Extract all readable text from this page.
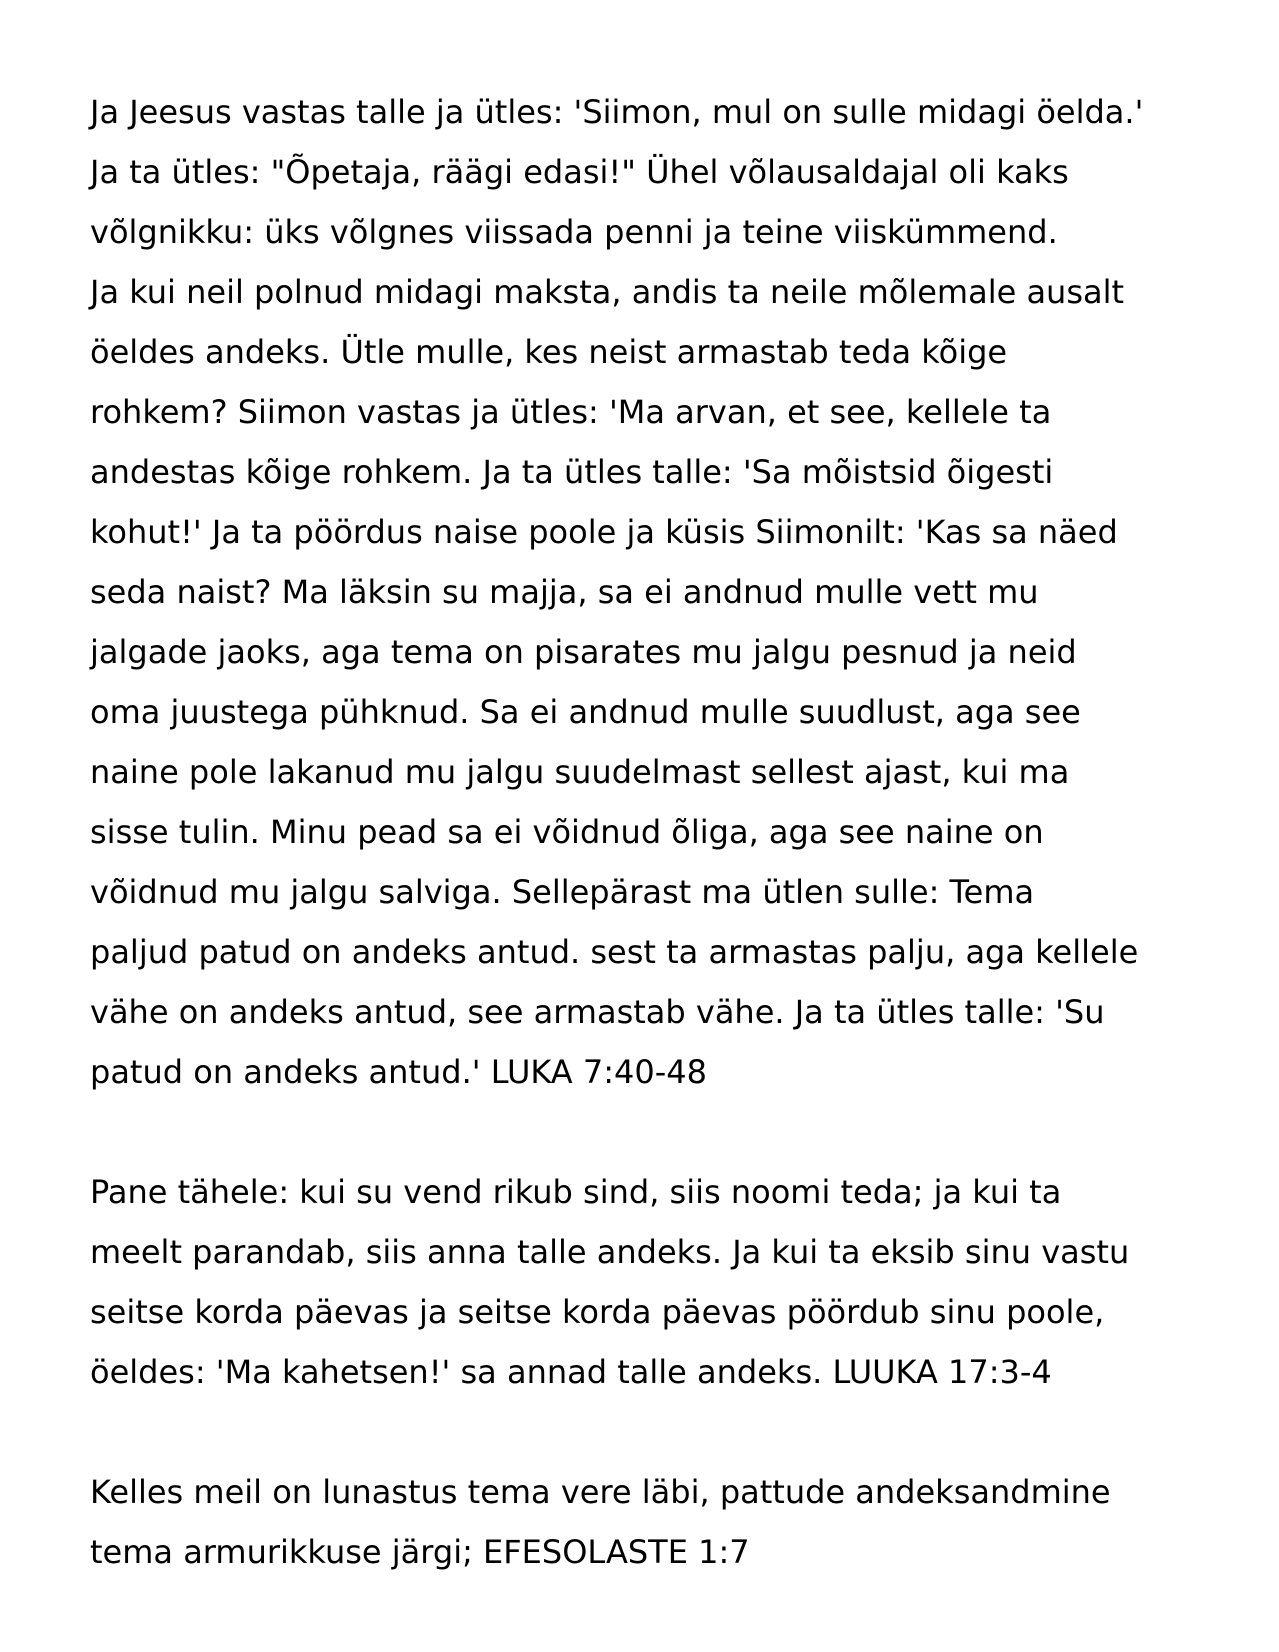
Ja Jeesus vastas talle ja ütles: 'Siimon, mul on sulle midagi öelda.'
Ja ta ütles: "Õpetaja, räägi edasi!" Ühel võlausaldajal oli kaks
võlgnikku: üks võlgnes viissada penni ja teine viiskümmend.
Ja kui neil polnud midagi maksta, andis ta neile mõlemale ausalt
öeldes andeks. Ütle mulle, kes neist armastab teda kõige
rohkem? Siimon vastas ja ütles: 'Ma arvan, et see, kellele ta
andestas kõige rohkem. Ja ta ütles talle: 'Sa mõistsid õigesti
kohut!' Ja ta pöördus naise poole ja küsis Siimonilt: 'Kas sa näed
seda naist? Ma läksin su majja, sa ei andnud mulle vett mu
jalgade jaoks, aga tema on pisarates mu jalgu pesnud ja neid
oma juustega pühknud. Sa ei andnud mulle suudlust, aga see
naine pole lakanud mu jalgu suudelmast sellest ajast, kui ma
sisse tulin. Minu pead sa ei võidnud õliga, aga see naine on
võidnud mu jalgu salviga. Sellepärast ma ütlen sulle: Tema
paljud patud on andeks antud. sest ta armastas palju, aga kellele
vähe on andeks antud, see armastab vähe. Ja ta ütles talle: 'Su
patud on andeks antud.' LUKA 7:40-48

Pane tähele: kui su vend rikub sind, siis noomi teda; ja kui ta
meelt parandab, siis anna talle andeks. Ja kui ta eksib sinu vastu
seitse korda päevas ja seitse korda päevas pöördub sinu poole,
öeldes: 'Ma kahetsen!' sa annad talle andeks. LUUKA 17:3-4

Kelles meil on lunastus tema vere läbi, pattude andeksandmine
tema armurikkuse järgi; EFESOLASTE 1:7
